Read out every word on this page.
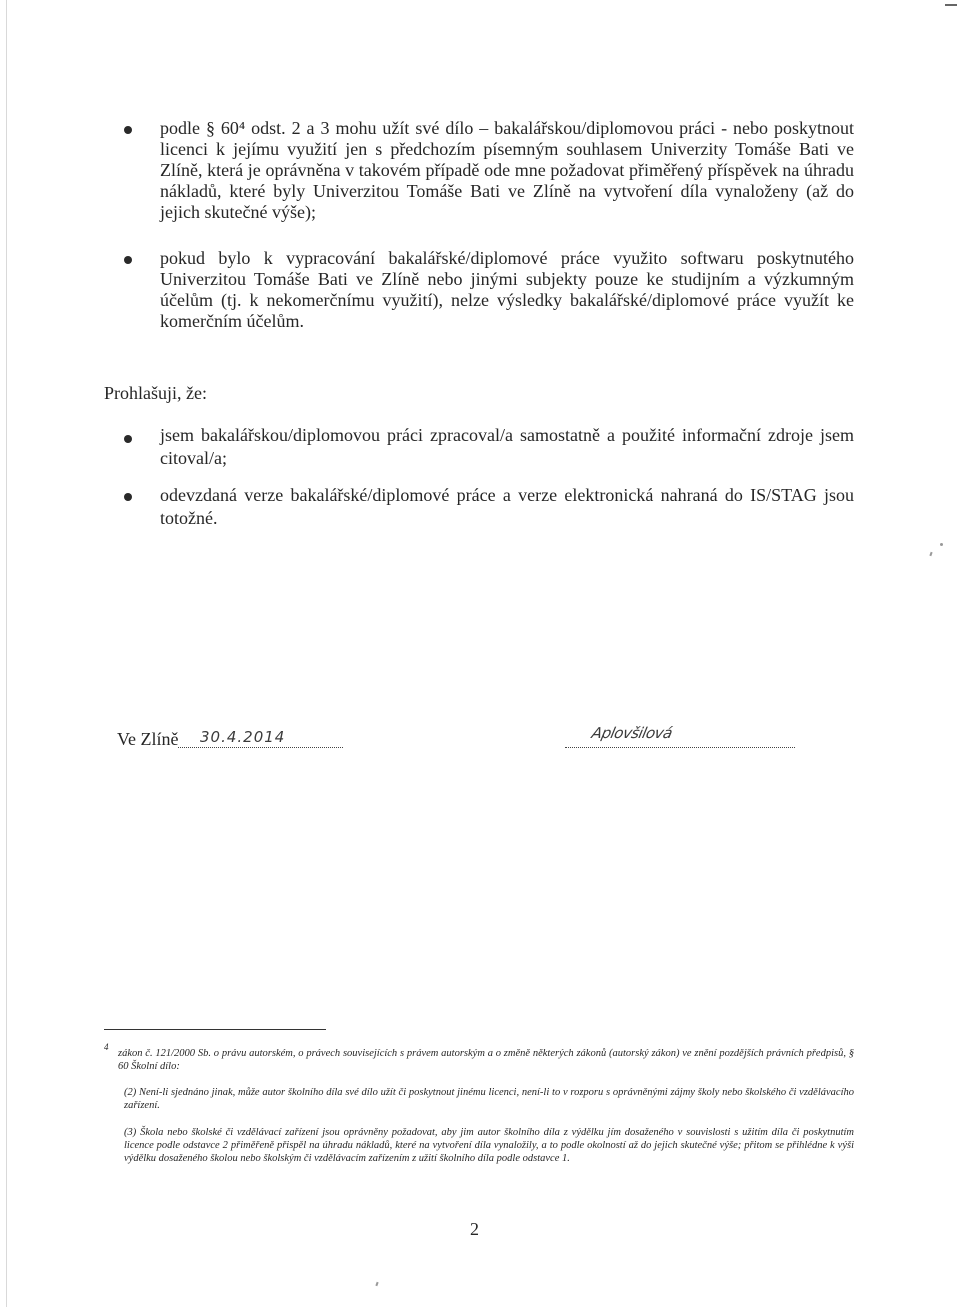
podle § 60⁴ odst. 2 a 3 mohu užít své dílo – bakalářskou/diplomovou práci - nebo poskytnout licenci k jejímu využití jen s předchozím písemným souhlasem Univerzity Tomáše Bati ve Zlíně, která je oprávněna v takovém případě ode mne požadovat přiměřený příspěvek na úhradu nákladů, které byly Univerzitou Tomáše Bati ve Zlíně na vytvoření díla vynaloženy (až do jejich skutečné výše);
pokud bylo k vypracování bakalářské/diplomové práce využito softwaru poskytnutého Univerzitou Tomáše Bati ve Zlíně nebo jinými subjekty pouze ke studijním a výzkumným účelům (tj. k nekomerčnímu využití), nelze výsledky bakalářské/diplomové práce využít ke komerčním účelům.
Prohlašuji, že:
jsem bakalářskou/diplomovou práci zpracoval/a samostatně a použité informační zdroje jsem citoval/a;
odevzdaná verze bakalářské/diplomové práce a verze elektronická nahraná do IS/STAG jsou totožné.
Ve Zlíně 30.4.2014	Aplovšilová
4
zákon č. 121/2000 Sb. o právu autorském, o právech souvisejících s právem autorským a o změně některých zákonů (autorský zákon) ve znění pozdějších právních předpisů, § 60 Školní dílo:
(2) Není-li sjednáno jinak, může autor školního díla své dílo užít či poskytnout jinému licenci, není-li to v rozporu s oprávněnými zájmy školy nebo školského či vzdělávacího zařízení.
(3) Škola nebo školské či vzdělávací zařízení jsou oprávněny požadovat, aby jim autor školního díla z výdělku jím dosaženého v souvislosti s užitím díla či poskytnutím licence podle odstavce 2 přiměřeně přispěl na úhradu nákladů, které na vytvoření díla vynaložily, a to podle okolností až do jejich skutečné výše; přitom se přihlédne k výši výdělku dosaženého školou nebo školským či vzdělávacím zařízením z užití školního díla podle odstavce 1.
2
